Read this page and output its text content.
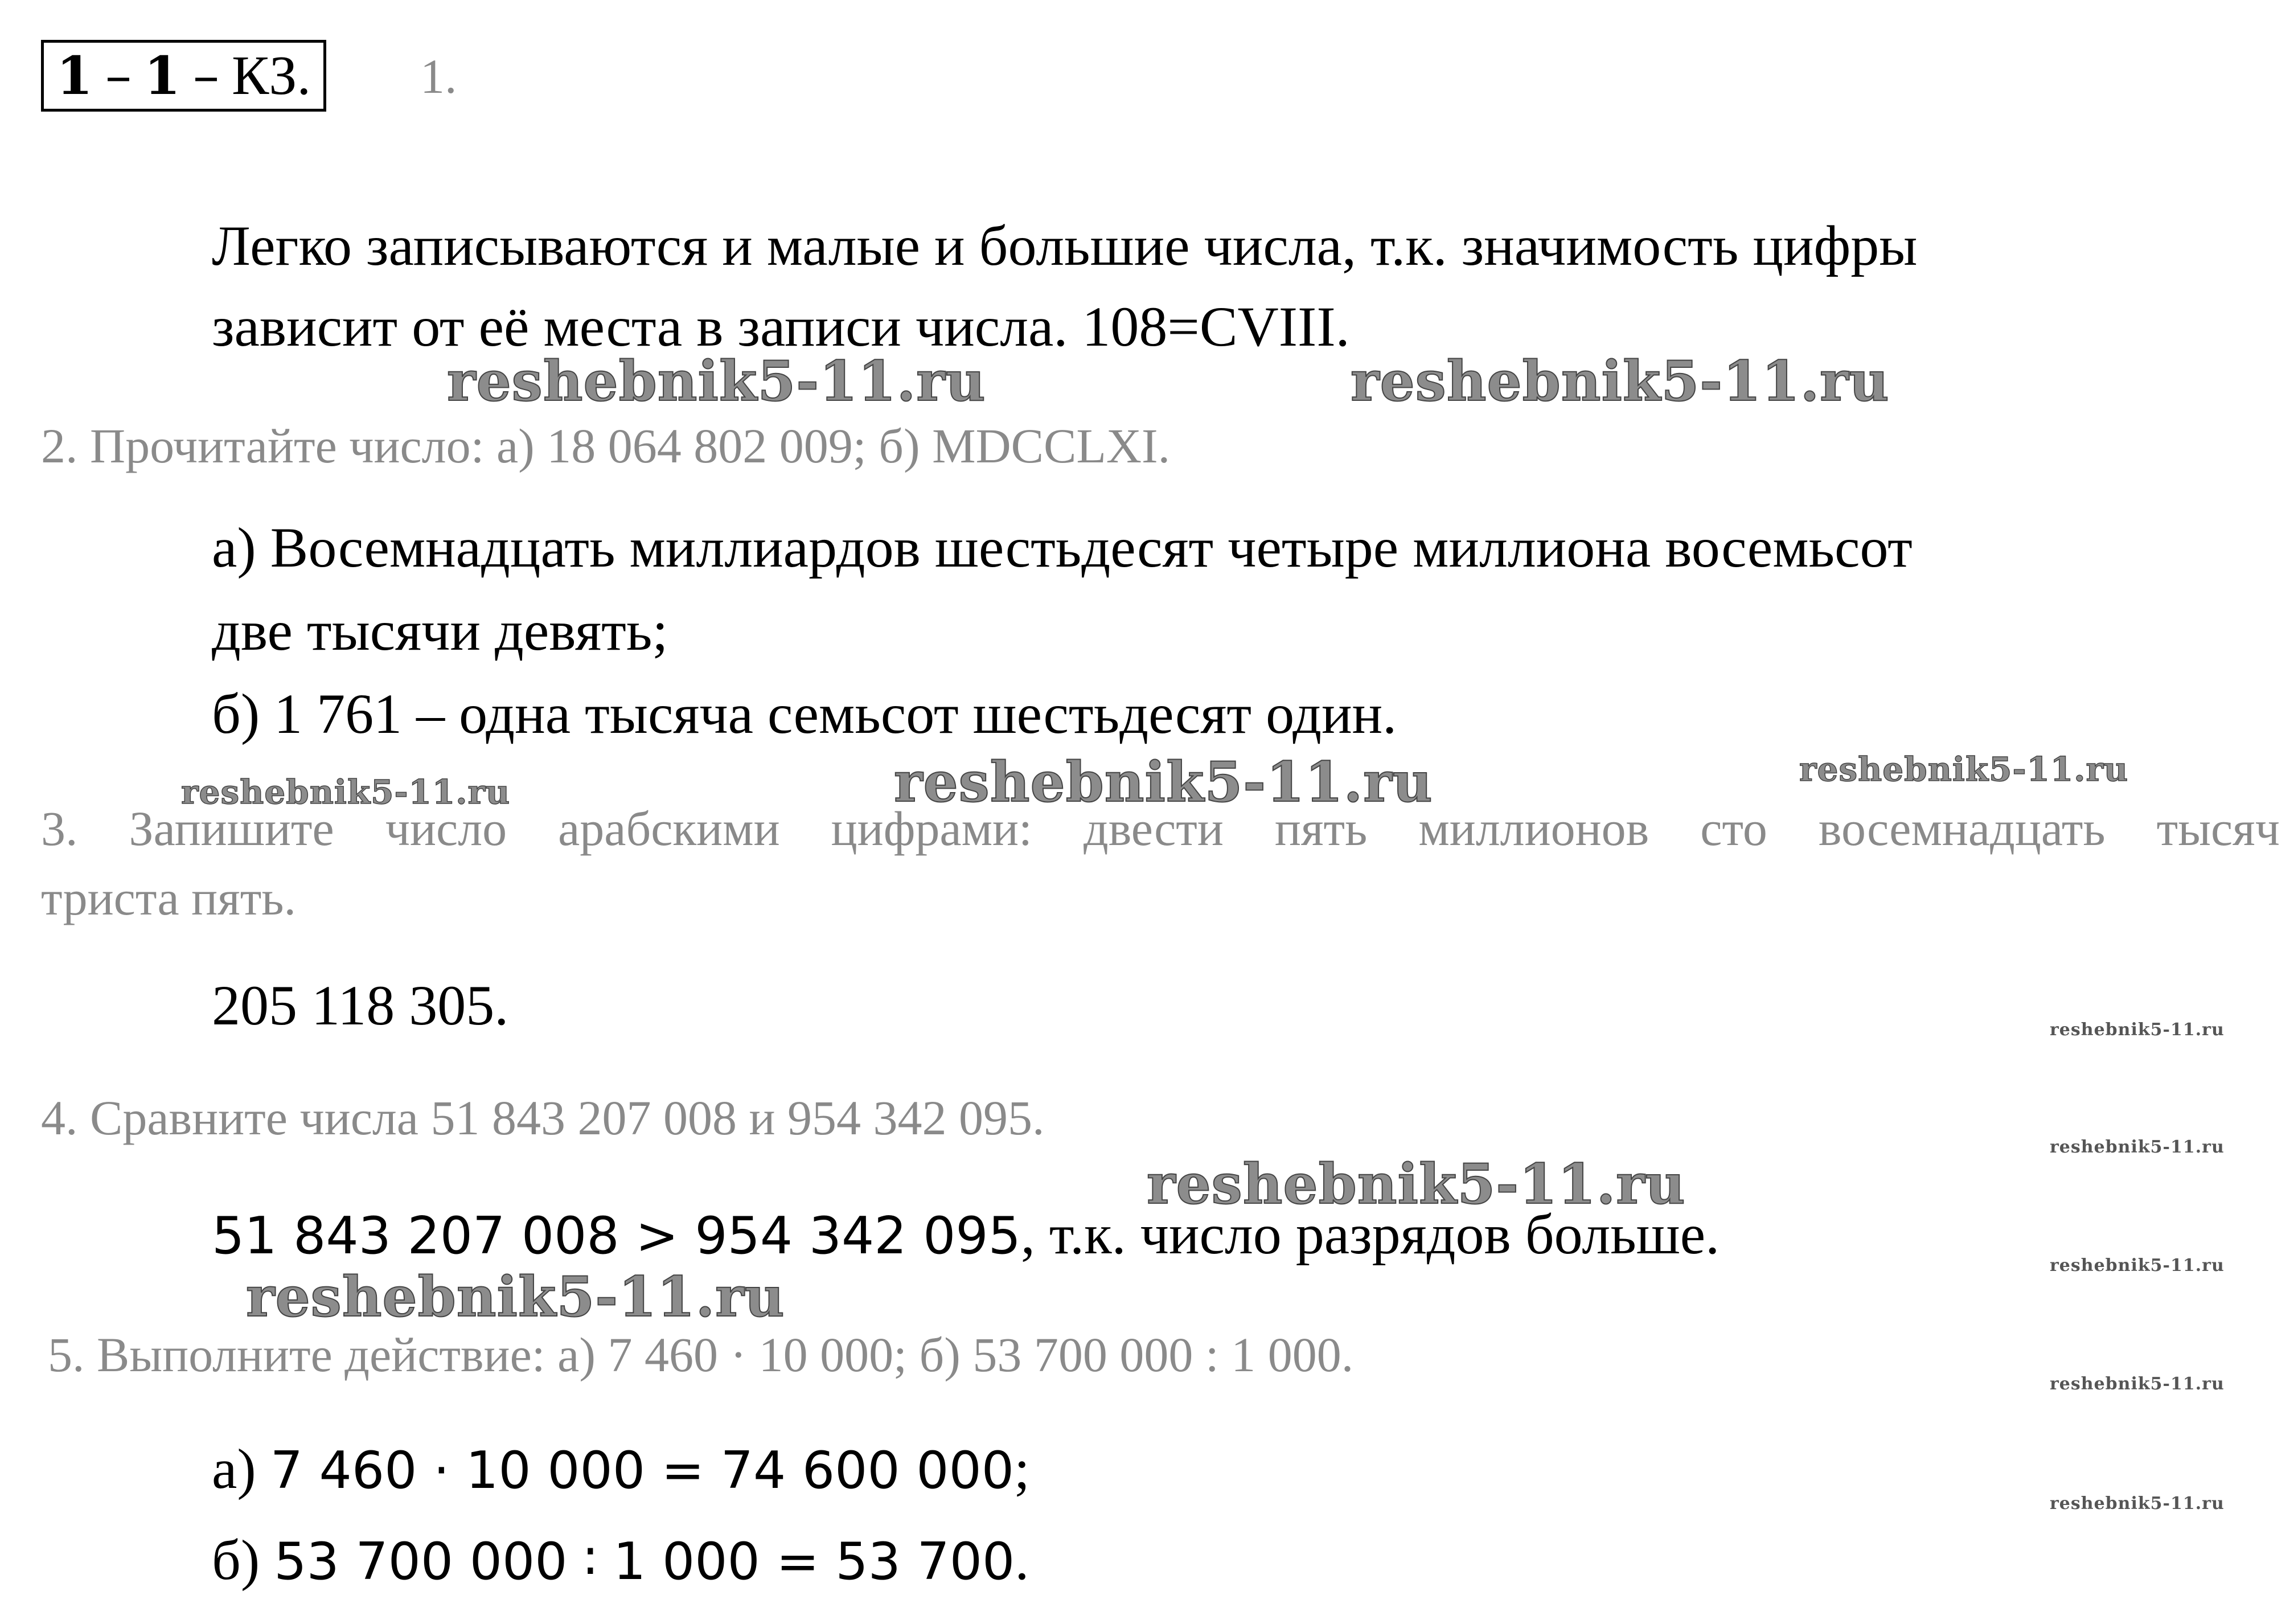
1 – 1 – КЗ. 1.
Легко записываются и малые и большие числа, т.к. значимость цифры
зависит от её места в записи числа. 108=CVIII.
reshebnik5-11.ru	reshebnik5-11.ru
2. Прочитайте число: а) 18 064 802 009; б) MDCCLXI.
а) Восемнадцать миллиардов шестьдесят четыре миллиона восемьсот
две тысячи девять;
б) 1 761 – одна тысяча семьсот шестьдесят один.
reshebnik5-11.ru	reshebnik5-11.ru	reshebnik5-11.ru
3. Запишите число арабскими цифрами: двести пять миллионов сто восемнадцать тысяч
триста пять.
205 118 305.	reshebnik5-11.ru
4. Сравните числа 51 843 207 008 и 954 342 095.
reshebnik5-11.ru
reshebnik5-11.ru
51 843 207 008 > 954 342 095, т.к. число разрядов больше.	reshebnik5-11.ru
reshebnik5-11.ru
5. Выполните действие: а) 7 460 · 10 000; б) 53 700 000 : 1 000.
reshebnik5-11.ru
а) 7 460 · 10 000 = 74 600 000;
reshebnik5-11.ru
б) 53 700 000 ∶ 1 000 = 53 700.
